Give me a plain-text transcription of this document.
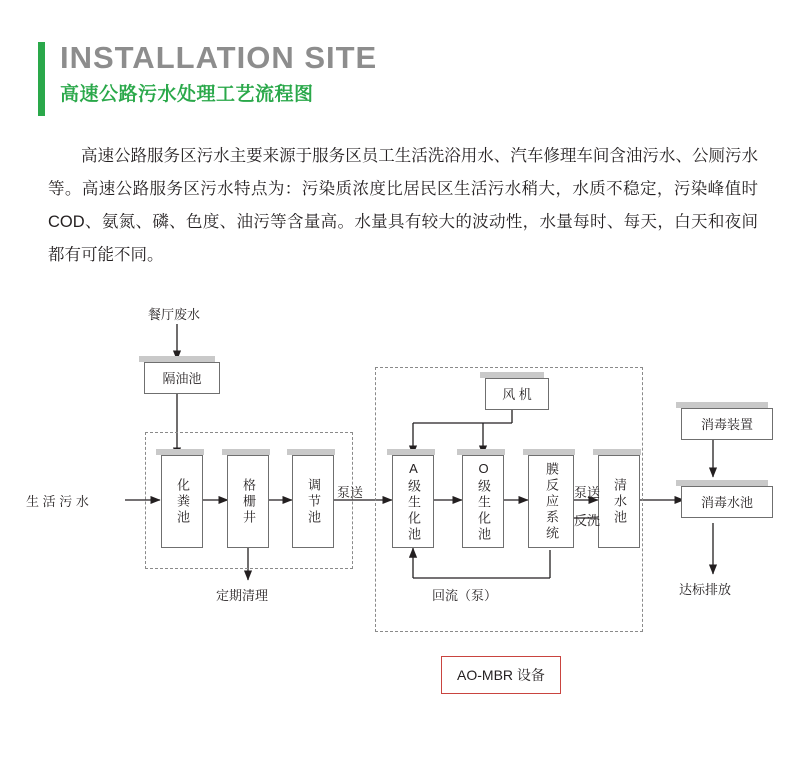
INSTALLATION SITE
高速公路污水处理工艺流程图
高速公路服务区污水主要来源于服务区员工生活洗浴用水、汽车修理车间含油污水、公厕污水等。高速公路服务区污水特点为：污染质浓度比居民区生活污水稍大，水质不稳定，污染峰值时COD、氨氮、磷、色度、油污等含量高。水量具有较大的波动性，水量每时、每天，白天和夜间都有可能不同。
餐厅废水
生 活 污 水
隔油池
化粪池	格栅井	调节池
风 机
A级生化池	O级生化池	膜反应系统	清水池
消毒装置
消毒水池
泵送	泵送
反洗
定期清理	回流（泵）	达标排放
AO-MBR 设备
